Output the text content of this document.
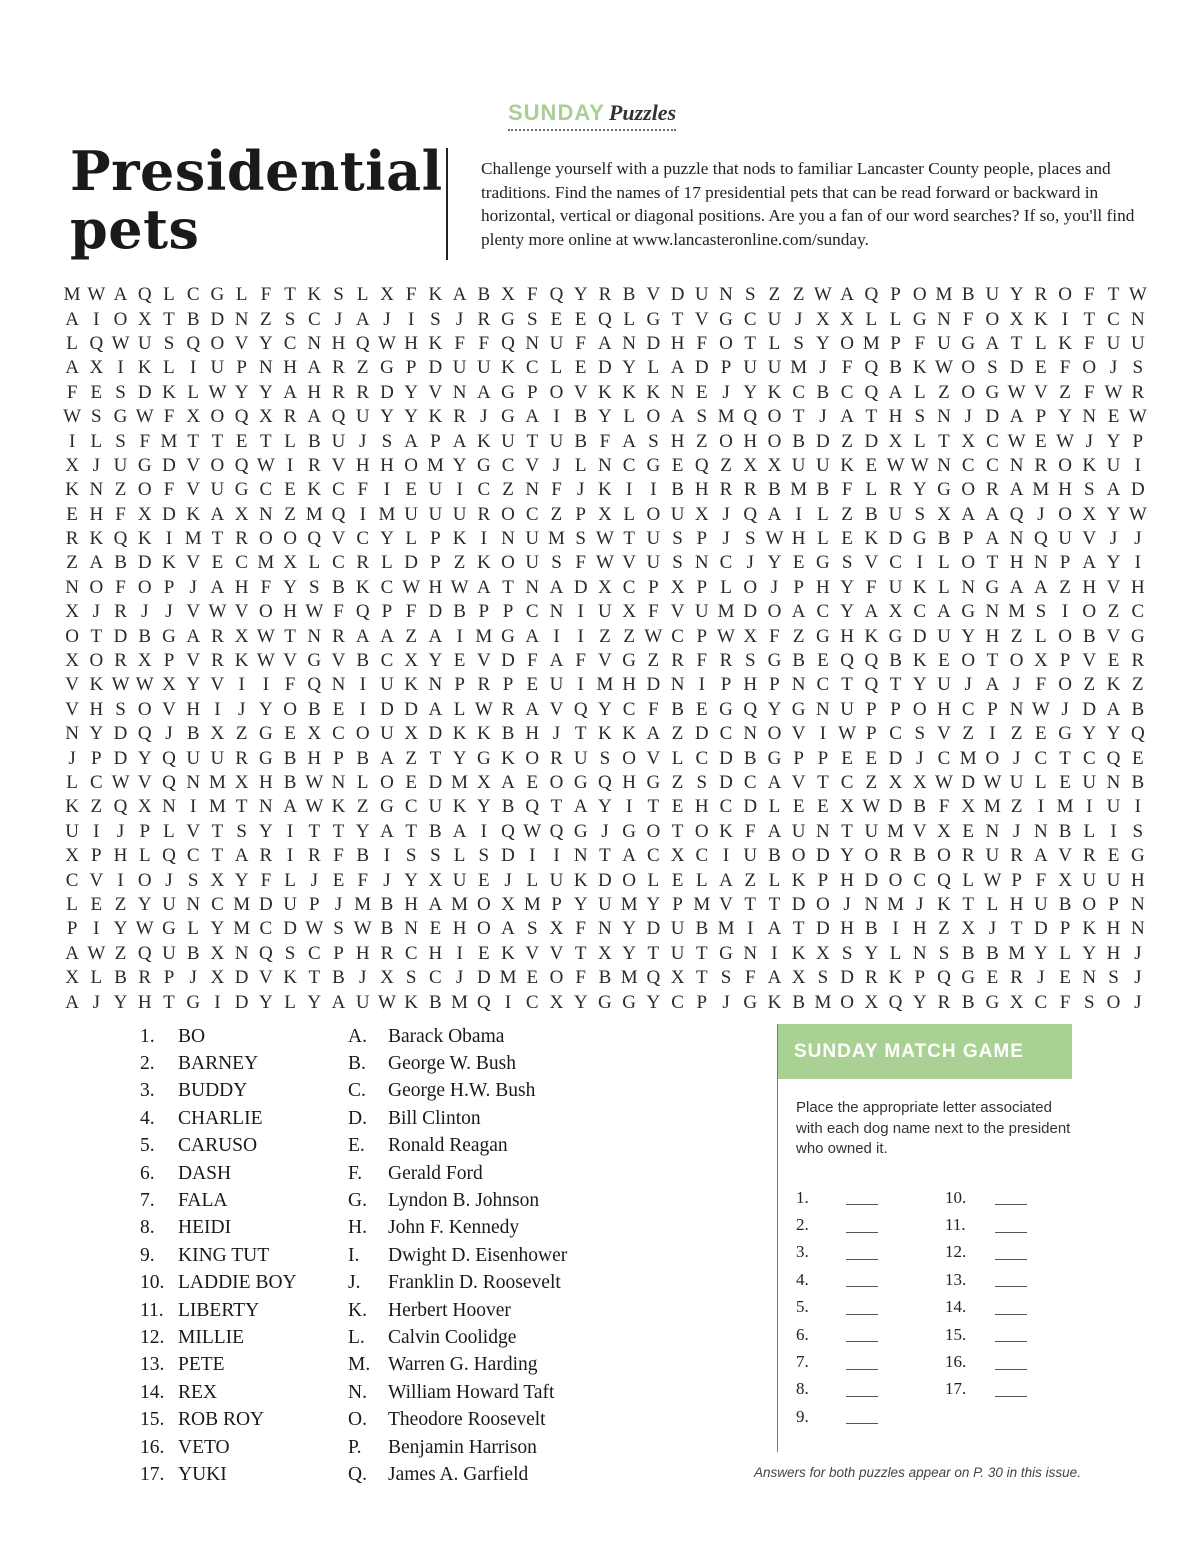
SUNDAY Puzzles
Presidential
pets

Challenge yourself with a puzzle that nods to familiar Lancaster County people, places and traditions. Find the names of 17 presidential pets that can be read forward or backward in horizontal, vertical or diagonal positions. Are you a fan of our word searches? If so, you'll find plenty more online at www.lancasteronline.com/sunday.

M	W	A	Q	L	C	G	L	F	T	K	S	L	X	F	K	A	B	X	F	Q	Y	R	B	V	D	U	N	S	Z	Z	W	A	Q	P	O	M	B	U	Y	R	O	F	T	W
A	I	O	X	T	B	D	N	Z	S	C	J	A	J	I	S	J	R	G	S	E	E	Q	L	G	T	V	G	C	U	J	X	X	L	L	G	N	F	O	X	K	I	T	C	N
L	Q	W	U	S	Q	O	V	Y	C	N	H	Q	W	H	K	F	F	Q	N	U	F	A	N	D	H	F	O	T	L	S	Y	O	M	P	F	U	G	A	T	L	K	F	U	U
A	X	I	K	L	I	U	P	N	H	A	R	Z	G	P	D	U	U	K	C	L	E	D	Y	L	A	D	P	U	U	M	J	F	Q	B	K	W	O	S	D	E	F	O	J	S
F	E	S	D	K	L	W	Y	Y	A	H	R	R	D	Y	V	N	A	G	P	O	V	K	K	K	N	E	J	Y	K	C	B	C	Q	A	L	Z	O	G	W	V	Z	F	W	R
W	S	G	W	F	X	O	Q	X	R	A	Q	U	Y	Y	K	R	J	G	A	I	B	Y	L	O	A	S	M	Q	O	T	J	A	T	H	S	N	J	D	A	P	Y	N	E	W
I	L	S	F	M	T	T	E	T	L	B	U	J	S	A	P	A	K	U	T	U	B	F	A	S	H	Z	O	H	O	B	D	Z	D	X	L	T	X	C	W	E	W	J	Y	P
X	J	U	G	D	V	O	Q	W	I	R	V	H	H	O	M	Y	G	C	V	J	L	N	C	G	E	Q	Z	X	X	U	U	K	E	W	W	N	C	C	N	R	O	K	U	I
K	N	Z	O	F	V	U	G	C	E	K	C	F	I	E	U	I	C	Z	N	F	J	K	I	I	B	H	R	R	B	M	B	F	L	R	Y	G	O	R	A	M	H	S	A	D
E	H	F	X	D	K	A	X	N	Z	M	Q	I	M	U	U	U	R	O	C	Z	P	X	L	O	U	X	J	Q	A	I	L	Z	B	U	S	X	A	A	Q	J	O	X	Y	W
R	K	Q	K	I	M	T	R	O	O	Q	V	C	Y	L	P	K	I	N	U	M	S	W	T	U	S	P	J	S	W	H	L	E	K	D	G	B	P	A	N	Q	U	V	J	J
Z	A	B	D	K	V	E	C	M	X	L	C	R	L	D	P	Z	K	O	U	S	F	W	V	U	S	N	C	J	Y	E	G	S	V	C	I	L	O	T	H	N	P	A	Y	I
N	O	F	O	P	J	A	H	F	Y	S	B	K	C	W	H	W	A	T	N	A	D	X	C	P	X	P	L	O	J	P	H	Y	F	U	K	L	N	G	A	A	Z	H	V	H
X	J	R	J	J	V	W	V	O	H	W	F	Q	P	F	D	B	P	P	C	N	I	U	X	F	V	U	M	D	O	A	C	Y	A	X	C	A	G	N	M	S	I	O	Z	C
O	T	D	B	G	A	R	X	W	T	N	R	A	A	Z	A	I	M	G	A	I	I	Z	Z	W	C	P	W	X	F	Z	G	H	K	G	D	U	Y	H	Z	L	O	B	V	G
X	O	R	X	P	V	R	K	W	V	G	V	B	C	X	Y	E	V	D	F	A	F	V	G	Z	R	F	R	S	G	B	E	Q	Q	B	K	E	O	T	O	X	P	V	E	R
V	K	W	W	X	Y	V	I	I	F	Q	N	I	U	K	N	P	R	P	E	U	I	M	H	D	N	I	P	H	P	N	C	T	Q	T	Y	U	J	A	J	F	O	Z	K	Z
V	H	S	O	V	H	I	J	Y	O	B	E	I	D	D	A	L	W	R	A	V	Q	Y	C	F	B	E	G	Q	Y	G	N	U	P	P	O	H	C	P	N	W	J	D	A	B
N	Y	D	Q	J	B	X	Z	G	E	X	C	O	U	X	D	K	K	B	H	J	T	K	K	A	Z	D	C	N	O	V	I	W	P	C	S	V	Z	I	Z	E	G	Y	Y	Q
J	P	D	Y	Q	U	U	R	G	B	H	P	B	A	Z	T	Y	G	K	O	R	U	S	O	V	L	C	D	B	G	P	P	E	E	D	J	C	M	O	J	C	T	C	Q	E
L	C	W	V	Q	N	M	X	H	B	W	N	L	O	E	D	M	X	A	E	O	G	Q	H	G	Z	S	D	C	A	V	T	C	Z	X	X	W	D	W	U	L	E	U	N	B
K	Z	Q	X	N	I	M	T	N	A	W	K	Z	G	C	U	K	Y	B	Q	T	A	Y	I	T	E	H	C	D	L	E	E	X	W	D	B	F	X	M	Z	I	M	I	U	I
U	I	J	P	L	V	T	S	Y	I	T	T	Y	A	T	B	A	I	Q	W	Q	G	J	G	O	T	O	K	F	A	U	N	T	U	M	V	X	E	N	J	N	B	L	I	S
X	P	H	L	Q	C	T	A	R	I	R	F	B	I	S	S	L	S	D	I	I	N	T	A	C	X	C	I	U	B	O	D	Y	O	R	B	O	R	U	R	A	V	R	E	G
C	V	I	O	J	S	X	Y	F	L	J	E	F	J	Y	X	U	E	J	L	U	K	D	O	L	E	L	A	Z	L	K	P	H	D	O	C	Q	L	W	P	F	X	U	U	H
L	E	Z	Y	U	N	C	M	D	U	P	J	M	B	H	A	M	O	X	M	P	Y	U	M	Y	P	M	V	T	T	D	O	J	N	M	J	K	T	L	H	U	B	O	P	N
P	I	Y	W	G	L	Y	M	C	D	W	S	W	B	N	E	H	O	A	S	X	F	N	Y	D	U	B	M	I	A	T	D	H	B	I	H	Z	X	J	T	D	P	K	H	N
A	W	Z	Q	U	B	X	N	Q	S	C	P	H	R	C	H	I	E	K	V	V	T	X	Y	T	U	T	G	N	I	K	X	S	Y	L	N	S	B	B	M	Y	L	Y	H	J
X	L	B	R	P	J	X	D	V	K	T	B	J	X	S	C	J	D	M	E	O	F	B	M	Q	X	T	S	F	A	X	S	D	R	K	P	Q	G	E	R	J	E	N	S	J
A	J	Y	H	T	G	I	D	Y	L	Y	A	U	W	K	B	M	Q	I	C	X	Y	G	G	Y	C	P	J	G	K	B	M	O	X	Q	Y	R	B	G	X	C	F	S	O	J
1.	BO
2.	BARNEY
3.	BUDDY
4.	CHARLIE
5.	CARUSO
6.	DASH
7.	FALA
8.	HEIDI
9.	KING TUT
10. LADDIE BOY
11. LIBERTY
12. MILLIE
13. PETE
14. REX
15. ROB ROY
16. VETO
17. YUKI
A.	Barack Obama
B.	George W. Bush
C.	George H.W. Bush
D.	Bill Clinton
E.	Ronald Reagan
F.	Gerald Ford
G.	Lyndon B. Johnson
H.	John F. Kennedy
I.	Dwight D. Eisenhower
J.	Franklin D. Roosevelt
K.	Herbert Hoover
L.	Calvin Coolidge
M. Warren G. Harding
N.	William Howard Taft
O.	Theodore Roosevelt
P.	Benjamin Harrison
Q.	James A. Garfield
SUNDAY MATCH GAME

Place the appropriate letter associated with each dog name next to the president who owned it.

1.
2.
3.
4.
5.
6.
7.
8.
9.
10.
11.
12.
13.
14.
15.
16.
17.

Answers for both puzzles appear on P. 30 in this issue.
